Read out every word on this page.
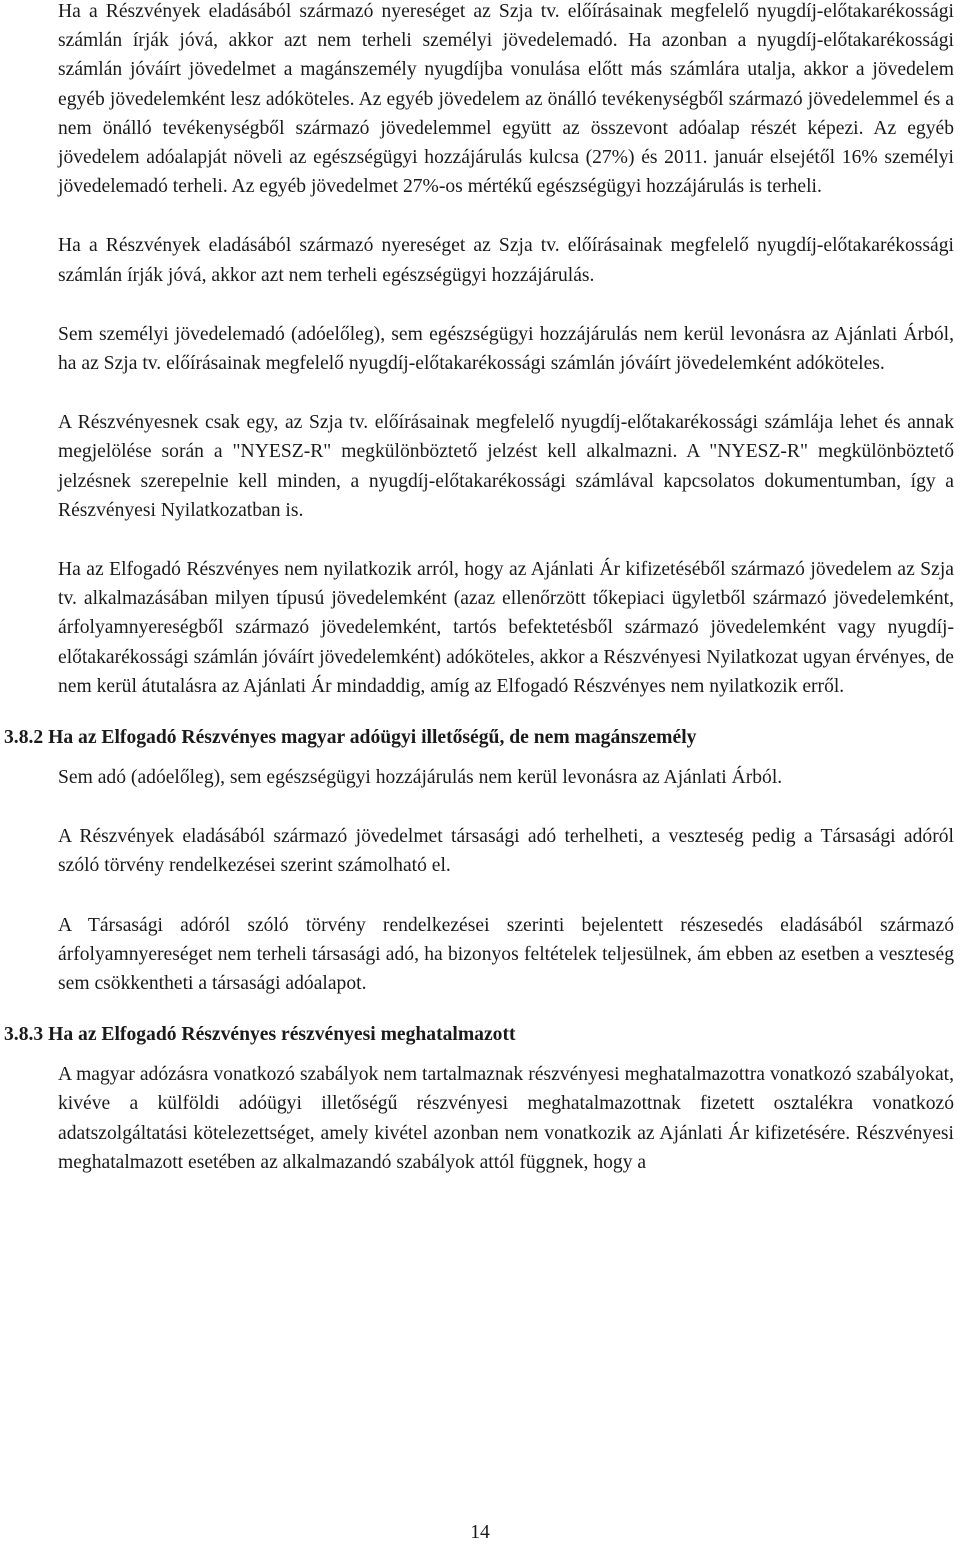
Ha a Részvények eladásából származó nyereséget az Szja tv. előírásainak megfelelő nyugdíj-előtakarékossági számlán írják jóvá, akkor azt nem terheli személyi jövedelemadó. Ha azonban a nyugdíj-előtakarékossági számlán jóváírt jövedelmet a magánszemély nyugdíjba vonulása előtt más számlára utalja, akkor a jövedelem egyéb jövedelemként lesz adóköteles. Az egyéb jövedelem az önálló tevékenységből származó jövedelemmel és a nem önálló tevékenységből származó jövedelemmel együtt az összevont adóalap részét képezi. Az egyéb jövedelem adóalapját növeli az egészségügyi hozzájárulás kulcsa (27%) és 2011. január elsejétől 16% személyi jövedelemadó terheli. Az egyéb jövedelmet 27%-os mértékű egészségügyi hozzájárulás is terheli.

Ha a Részvények eladásából származó nyereséget az Szja tv. előírásainak megfelelő nyugdíj-előtakarékossági számlán írják jóvá, akkor azt nem terheli egészségügyi hozzájárulás.

Sem személyi jövedelemadó (adóelőleg), sem egészségügyi hozzájárulás nem kerül levonásra az Ajánlati Árból, ha az Szja tv. előírásainak megfelelő nyugdíj-előtakarékossági számlán jóváírt jövedelemként adóköteles.

A Részvényesnek csak egy, az Szja tv. előírásainak megfelelő nyugdíj-előtakarékossági számlája lehet és annak megjelölése során a "NYESZ-R" megkülönböztető jelzést kell alkalmazni. A "NYESZ-R" megkülönböztető jelzésnek szerepelnie kell minden, a nyugdíj-előtakarékossági számlával kapcsolatos dokumentumban, így a Részvényesi Nyilatkozatban is.

Ha az Elfogadó Részvényes nem nyilatkozik arról, hogy az Ajánlati Ár kifizetéséből származó jövedelem az Szja tv. alkalmazásában milyen típusú jövedelemként (azaz ellenőrzött tőkepiaci ügyletből származó jövedelemként, árfolyamnyereségből származó jövedelemként, tartós befektetésből származó jövedelemként vagy nyugdíj-előtakarékossági számlán jóváírt jövedelemként) adóköteles, akkor a Részvényesi Nyilatkozat ugyan érvényes, de nem kerül átutalásra az Ajánlati Ár mindaddig, amíg az Elfogadó Részvényes nem nyilatkozik erről.

3.8.2 Ha az Elfogadó Részvényes magyar adóügyi illetőségű, de nem magánszemély

Sem adó (adóelőleg), sem egészségügyi hozzájárulás nem kerül levonásra az Ajánlati Árból.

A Részvények eladásából származó jövedelmet társasági adó terhelheti, a veszteség pedig a Társasági adóról szóló törvény rendelkezései szerint számolható el.

A Társasági adóról szóló törvény rendelkezései szerinti bejelentett részesedés eladásából származó árfolyamnyereséget nem terheli társasági adó, ha bizonyos feltételek teljesülnek, ám ebben az esetben a veszteség sem csökkentheti a társasági adóalapot.

3.8.3 Ha az Elfogadó Részvényes részvényesi meghatalmazott

A magyar adózásra vonatkozó szabályok nem tartalmaznak részvényesi meghatalmazottra vonatkozó szabályokat, kivéve a külföldi adóügyi illetőségű részvényesi meghatalmazottnak fizetett osztalékra vonatkozó adatszolgáltatási kötelezettséget, amely kivétel azonban nem vonatkozik az Ajánlati Ár kifizetésére. Részvényesi meghatalmazott esetében az alkalmazandó szabályok attól függnek, hogy a

14
